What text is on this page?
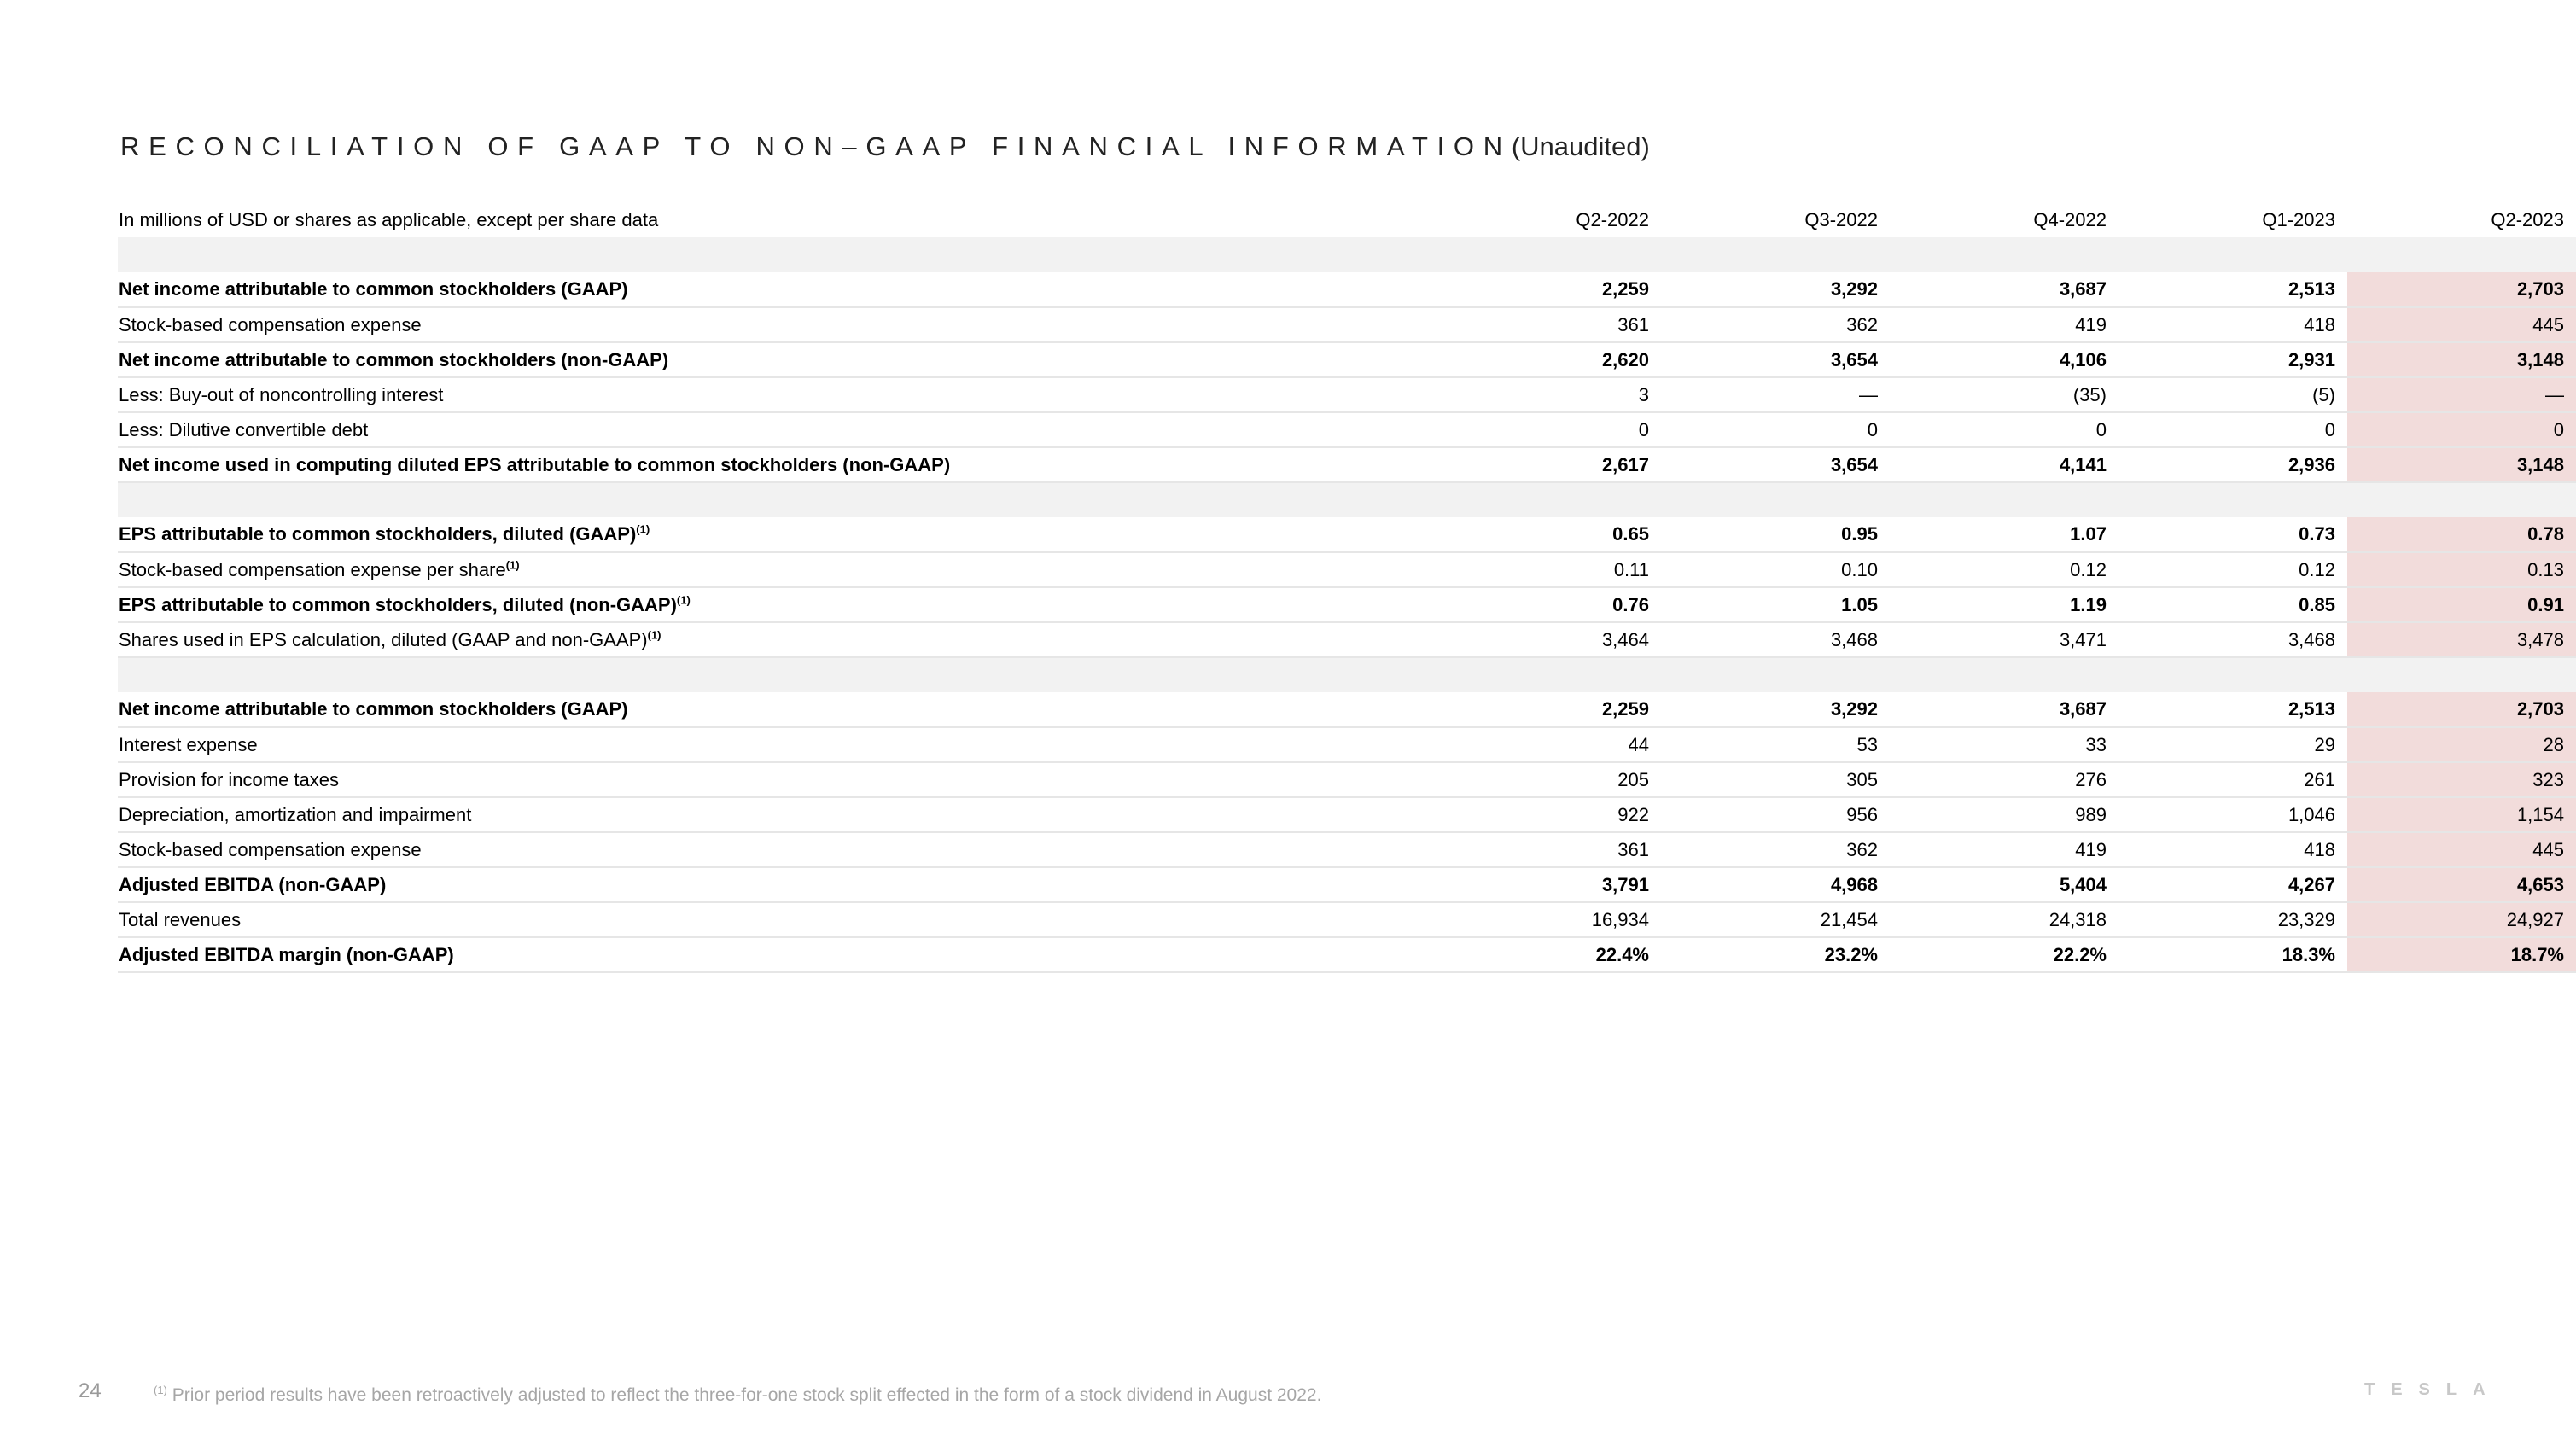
RECONCILIATION OF GAAP TO NON–GAAP FINANCIAL INFORMATION(Unaudited)
In millions of USD or shares as applicable, except per share data	Q2-2022	Q3-2022	Q4-2022	Q1-2023	Q2-2023

Net income attributable to common stockholders (GAAP)	2,259	3,292	3,687	2,513	2,703
Stock-based compensation expense	361	362	419	418	445
Net income attributable to common stockholders (non-GAAP)	2,620	3,654	4,106	2,931	3,148
Less: Buy-out of noncontrolling interest	3	—	(35)	(5)	—
Less: Dilutive convertible debt	0	0	0	0	0
Net income used in computing diluted EPS attributable to common stockholders (non-GAAP)	2,617	3,654	4,141	2,936	3,148

EPS attributable to common stockholders, diluted (GAAP)$^{(1)}$	0.65	0.95	1.07	0.73	0.78
Stock-based compensation expense per share$^{(1)}$	0.11	0.10	0.12	0.12	0.13
EPS attributable to common stockholders, diluted (non-GAAP)$^{(1)}$	0.76	1.05	1.19	0.85	0.91
Shares used in EPS calculation, diluted (GAAP and non-GAAP)$^{(1)}$	3,464	3,468	3,471	3,468	3,478

Net income attributable to common stockholders (GAAP)	2,259	3,292	3,687	2,513	2,703
Interest expense	44	53	33	29	28
Provision for income taxes	205	305	276	261	323
Depreciation, amortization and impairment	922	956	989	1,046	1,154
Stock-based compensation expense	361	362	419	418	445
Adjusted EBITDA (non-GAAP)	3,791	4,968	5,404	4,267	4,653
Total revenues	16,934	21,454	24,318	23,329	24,927
Adjusted EBITDA margin (non-GAAP)	22.4%	23.2%	22.2%	18.3%	18.7%
24	$^{(1)}$ Prior period results have been retroactively adjusted to reflect the three-for-one stock split effected in the form of a stock dividend in August 2022.	TESLA
